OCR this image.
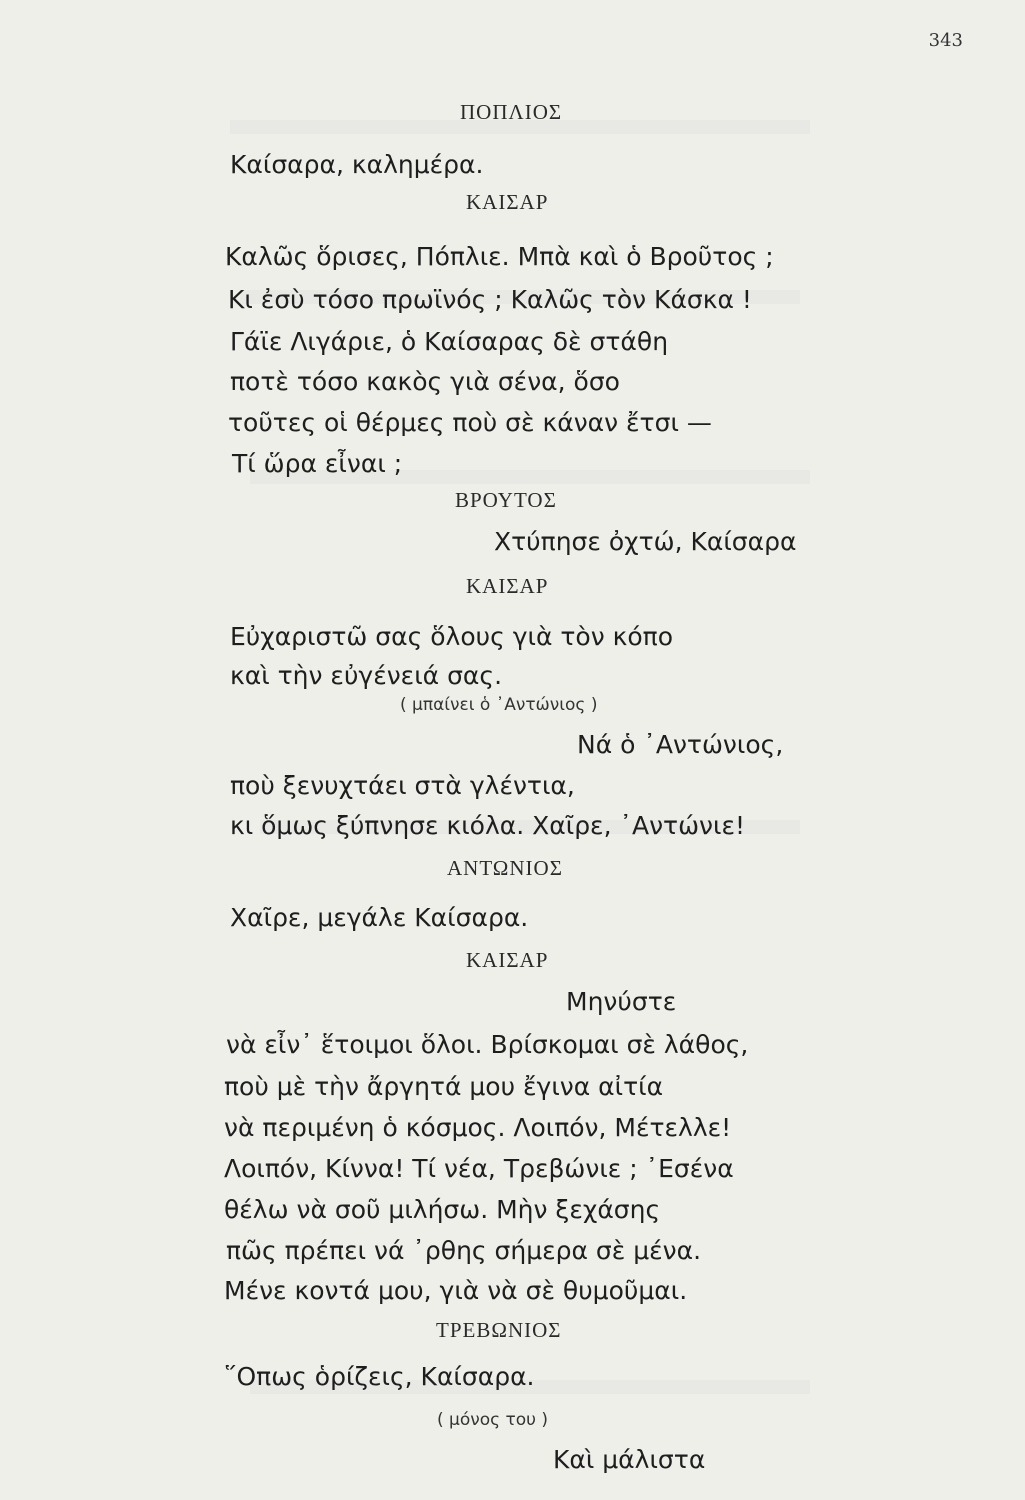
343
ΠΟΠΛΙΟΣ
Καίσαρα, καλημέρα.
ΚΑΙΣΑΡ
Καλῶς ὅρισες, Πόπλιε. Μπὰ καὶ ὁ Βροῦτος ;
Κι ἐσὺ τόσο πρωϊνός ; Καλῶς τὸν Κάσκα !
Γάϊε Λιγάριε, ὁ Καίσαρας δὲ στάθη
ποτὲ τόσο κακὸς γιὰ σένα, ὅσο
τοῦτες οἱ θέρμες ποὺ σὲ κάναν ἔτσι —
Τί ὥρα εἶναι ;
ΒΡΟΥΤΟΣ
Χτύπησε ὀχτώ, Καίσαρα
ΚΑΙΣΑΡ
Εὐχαριστῶ σας ὅλους γιὰ τὸν κόπο
καὶ τὴν εὐγένειά σας.
( μπαίνει ὁ ᾿Αντώνιος )
Νά ὁ ᾿Αντώνιος,
ποὺ ξενυχτάει στὰ γλέντια,
κι ὅμως ξύπνησε κιόλα. Χαῖρε, ᾿Αντώνιε!
ΑΝΤΩΝΙΟΣ
Χαῖρε, μεγάλε Καίσαρα.
ΚΑΙΣΑΡ
Μηνύστε
νὰ εἶν᾿ ἕτοιμοι ὅλοι. Βρίσκομαι σὲ λάθος,
ποὺ μὲ τὴν ἄργητά μου ἔγινα αἰτία
νὰ περιμένη ὁ κόσμος. Λοιπόν, Μέτελλε!
Λοιπόν, Κίννα! Τί νέα, Τρεβώνιε ; ᾿Εσένα
θέλω νὰ σοῦ μιλήσω. Μὴν ξεχάσης
πῶς πρέπει νά ᾿ρθης σήμερα σὲ μένα.
Μένε κοντά μου, γιὰ νὰ σὲ θυμοῦμαι.
ΤΡΕΒΩΝΙΟΣ
῞Οπως ὁρίζεις, Καίσαρα.
( μόνος του )
Καὶ μάλιστα
